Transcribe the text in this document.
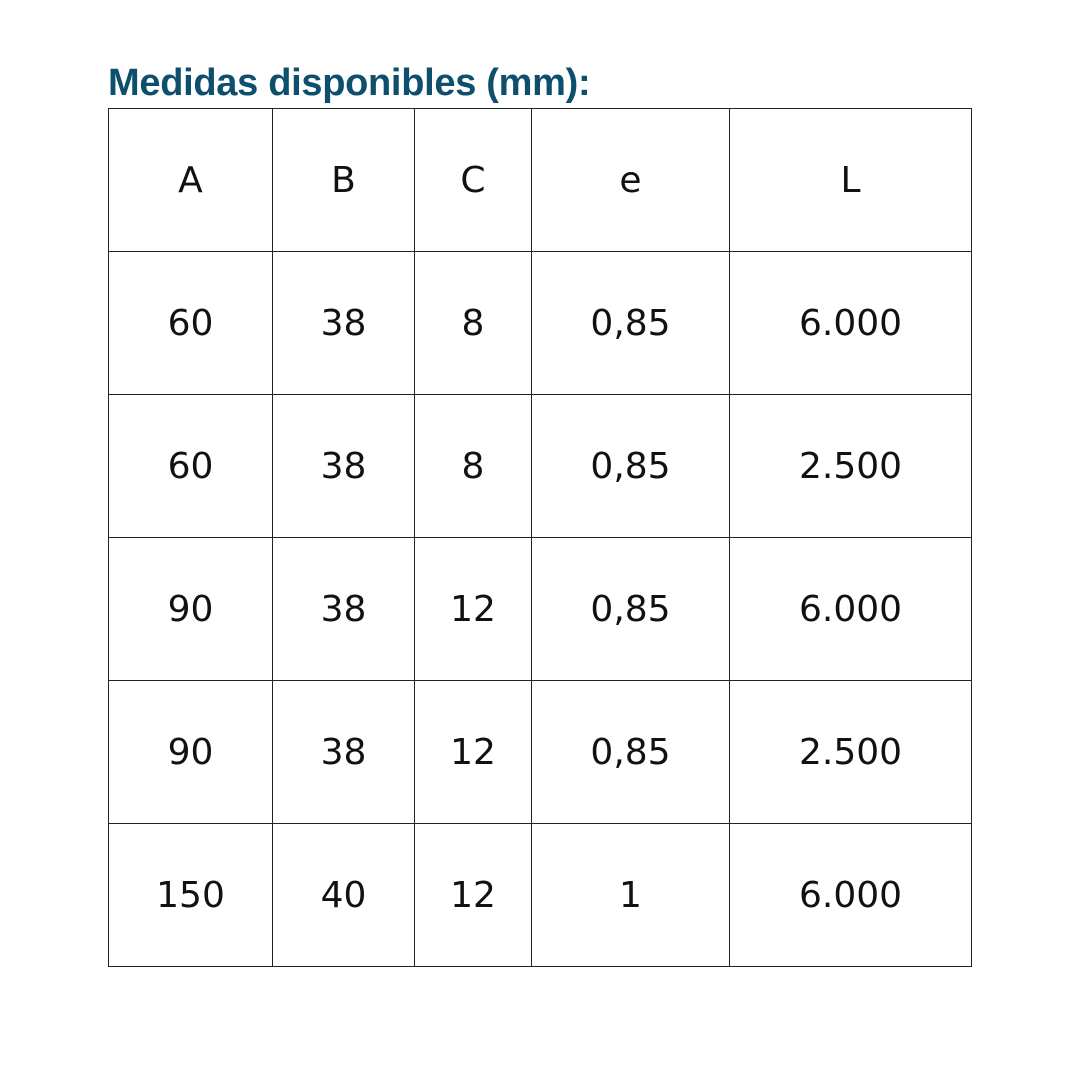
Medidas disponibles (mm):
A	B	C	e	L
60	38	8	0,85	6.000
60	38	8	0,85	2.500
90	38	12	0,85	6.000
90	38	12	0,85	2.500
150	40	12	1	6.000
